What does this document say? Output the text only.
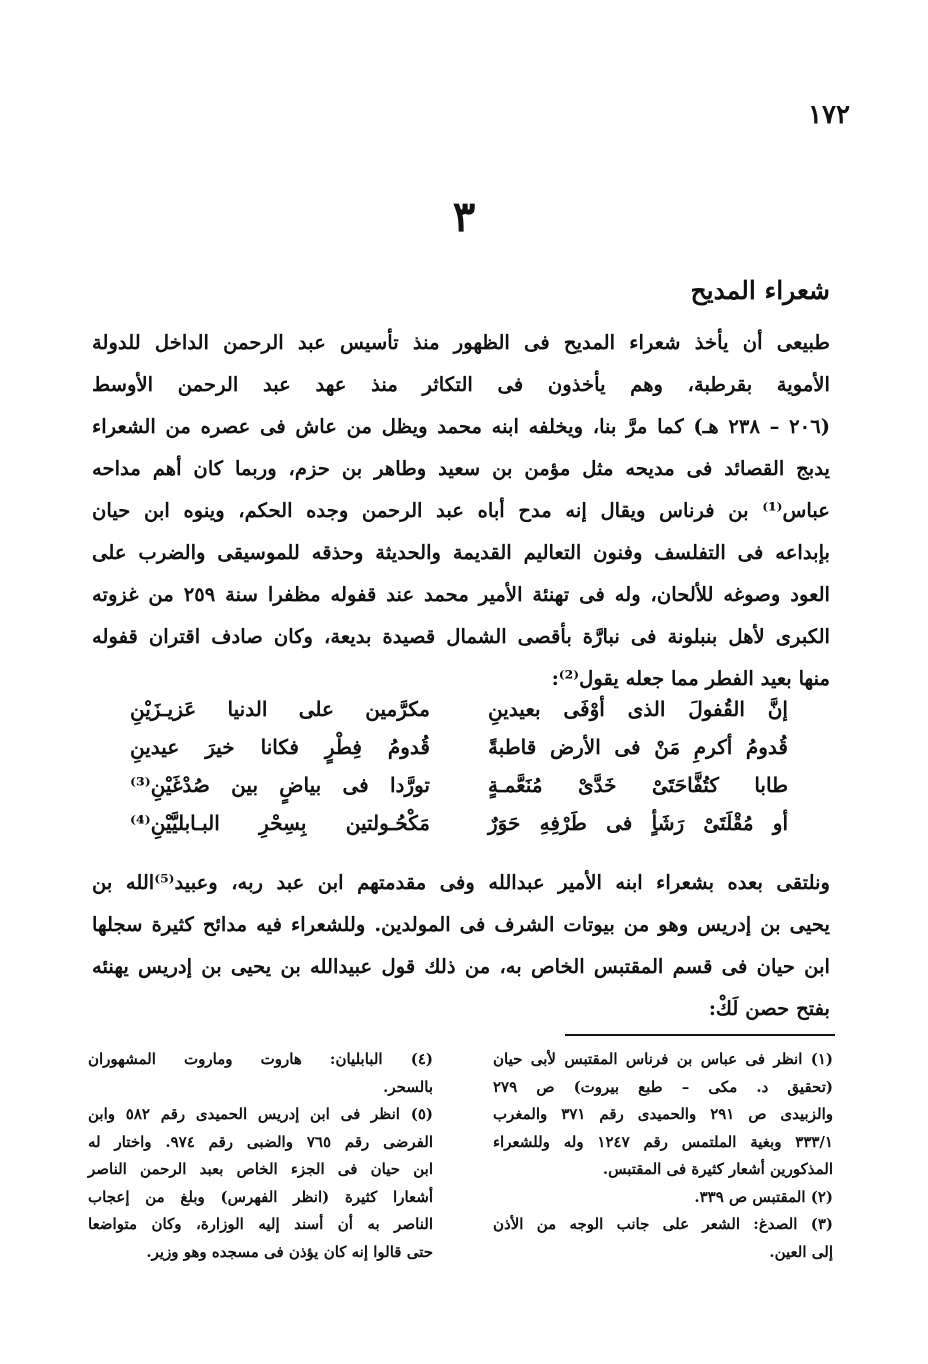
١٧٢
٣
شعراء المديح
طبيعى أن يأخذ شعراء المديح فى الظهور منذ تأسيس عبد الرحمن الداخل للدولة
الأموية بقرطبة، وهم يأخذون فى التكاثر منذ عهد عبد الرحمن الأوسط
(٢٠٦ – ٢٣٨ هـ) كما مرَّ بنا، ويخلفه ابنه محمد ويظل من عاش فى عصره من الشعراء
يدبج القصائد فى مديحه مثل مؤمن بن سعيد وطاهر بن حزم، وربما كان أهم مداحه
عباس⁽¹⁾ بن فرناس ويقال إنه مدح أباه عبد الرحمن وجده الحكم، وينوه ابن حيان
بإبداعه فى التفلسف وفنون التعاليم القديمة والحديثة وحذقه للموسيقى والضرب على
العود وصوغه للألحان، وله فى تهنئة الأمير محمد عند قفوله مظفرا سنة ٢٥٩ من غزوته
الكبرى لأهل بنبلونة فى نبارَّة بأقصى الشمال قصيدة بديعة، وكان صادف اقتران قفوله
منها بعيد الفطر مما جعله يقول⁽²⁾:
إنَّ القُفولَ الذى أوْفَى بعيدينِ
مكرَّمين على الدنيا عَزيـزَيْنِ
قُدومُ أكرمِ مَنْ فى الأرض قاطبةً
قُدومُ فِطْرٍ فكانا خيرَ عيدينِ
طابا كتُفَّاحَتَىْ خَدَّىْ مُنَعَّمـةٍ
تورَّدا فى بياضٍ بين صُدْغَيْنِ⁽³⁾
أو مُقْلَتَىْ رَشَأٍ فى طَرْفِهِ حَوَرٌ
مَكْحُـولتين بِسِحْرِ البـابليَّيْنِ⁽⁴⁾
ونلتقى بعده بشعراء ابنه الأمير عبدالله وفى مقدمتهم ابن عبد ربه، وعبيد⁽⁵⁾الله بن
يحيى بن إدريس وهو من بيوتات الشرف فى المولدين. وللشعراء فيه مدائح كثيرة سجلها
ابن حيان فى قسم المقتبس الخاص به، من ذلك قول عبيدالله بن يحيى بن إدريس يهنئه
بفتح حصن لَكْ:
(١) انظر فى عباس بن فرناس المقتبس لأبى حيان
(تحقيق د. مكى – طبع بيروت) ص ٢٧٩
والزبيدى ص ٢٩١ والحميدى رقم ٣٧١ والمغرب
٣٣٣/١ وبغية الملتمس رقم ١٢٤٧ وله وللشعراء
المذكورين أشعار كثيرة فى المقتبس.
(٢) المقتبس ص ٣٣٩.
(٣) الصدغ: الشعر على جانب الوجه من الأذن
إلى العين.
(٤) البابليان: هاروت وماروت المشهوران
بالسحر.
(٥) انظر فى ابن إدريس الحميدى رقم ٥٨٢ وابن
الفرضى رقم ٧٦٥ والضبى رقم ٩٧٤. واختار له
ابن حيان فى الجزء الخاص بعبد الرحمن الناصر
أشعارا كثيرة (انظر الفهرس) وبلغ من إعجاب
الناصر به أن أسند إليه الوزارة، وكان متواضعا
حتى قالوا إنه كان يؤذن فى مسجده وهو وزير.
